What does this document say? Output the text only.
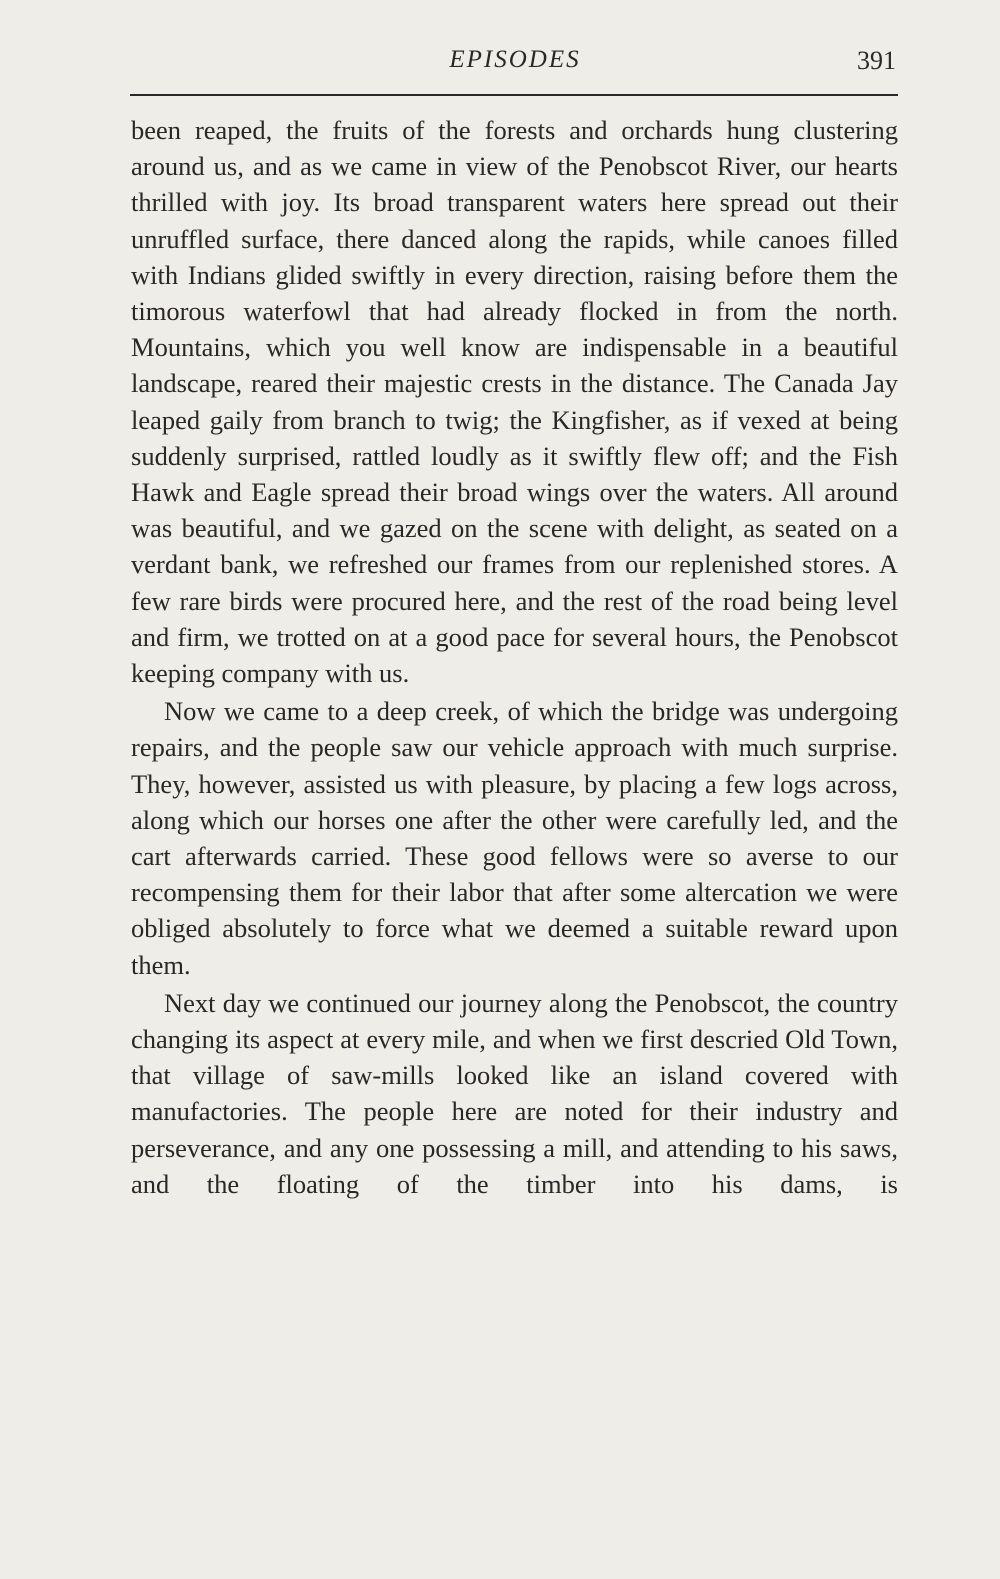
EPISODES	391

been reaped, the fruits of the forests and orchards hung clustering around us, and as we came in view of the Penobscot River, our hearts thrilled with joy. Its broad transparent waters here spread out their unruffled surface, there danced along the rapids, while canoes filled with Indians glided swiftly in every direction, raising before them the timorous waterfowl that had already flocked in from the north. Mountains, which you well know are indispensable in a beautiful landscape, reared their majestic crests in the distance. The Canada Jay leaped gaily from branch to twig; the Kingfisher, as if vexed at being suddenly surprised, rattled loudly as it swiftly flew off; and the Fish Hawk and Eagle spread their broad wings over the waters. All around was beautiful, and we gazed on the scene with delight, as seated on a verdant bank, we refreshed our frames from our replenished stores. A few rare birds were procured here, and the rest of the road being level and firm, we trotted on at a good pace for several hours, the Penobscot keeping company with us.

Now we came to a deep creek, of which the bridge was undergoing repairs, and the people saw our vehicle approach with much surprise. They, however, assisted us with pleasure, by placing a few logs across, along which our horses one after the other were carefully led, and the cart afterwards carried. These good fellows were so averse to our recompensing them for their labor that after some altercation we were obliged absolutely to force what we deemed a suitable reward upon them.

Next day we continued our journey along the Penobscot, the country changing its aspect at every mile, and when we first descried Old Town, that village of saw-mills looked like an island covered with manufactories. The people here are noted for their industry and perseverance, and any one possessing a mill, and attending to his saws, and the floating of the timber into his dams, is
